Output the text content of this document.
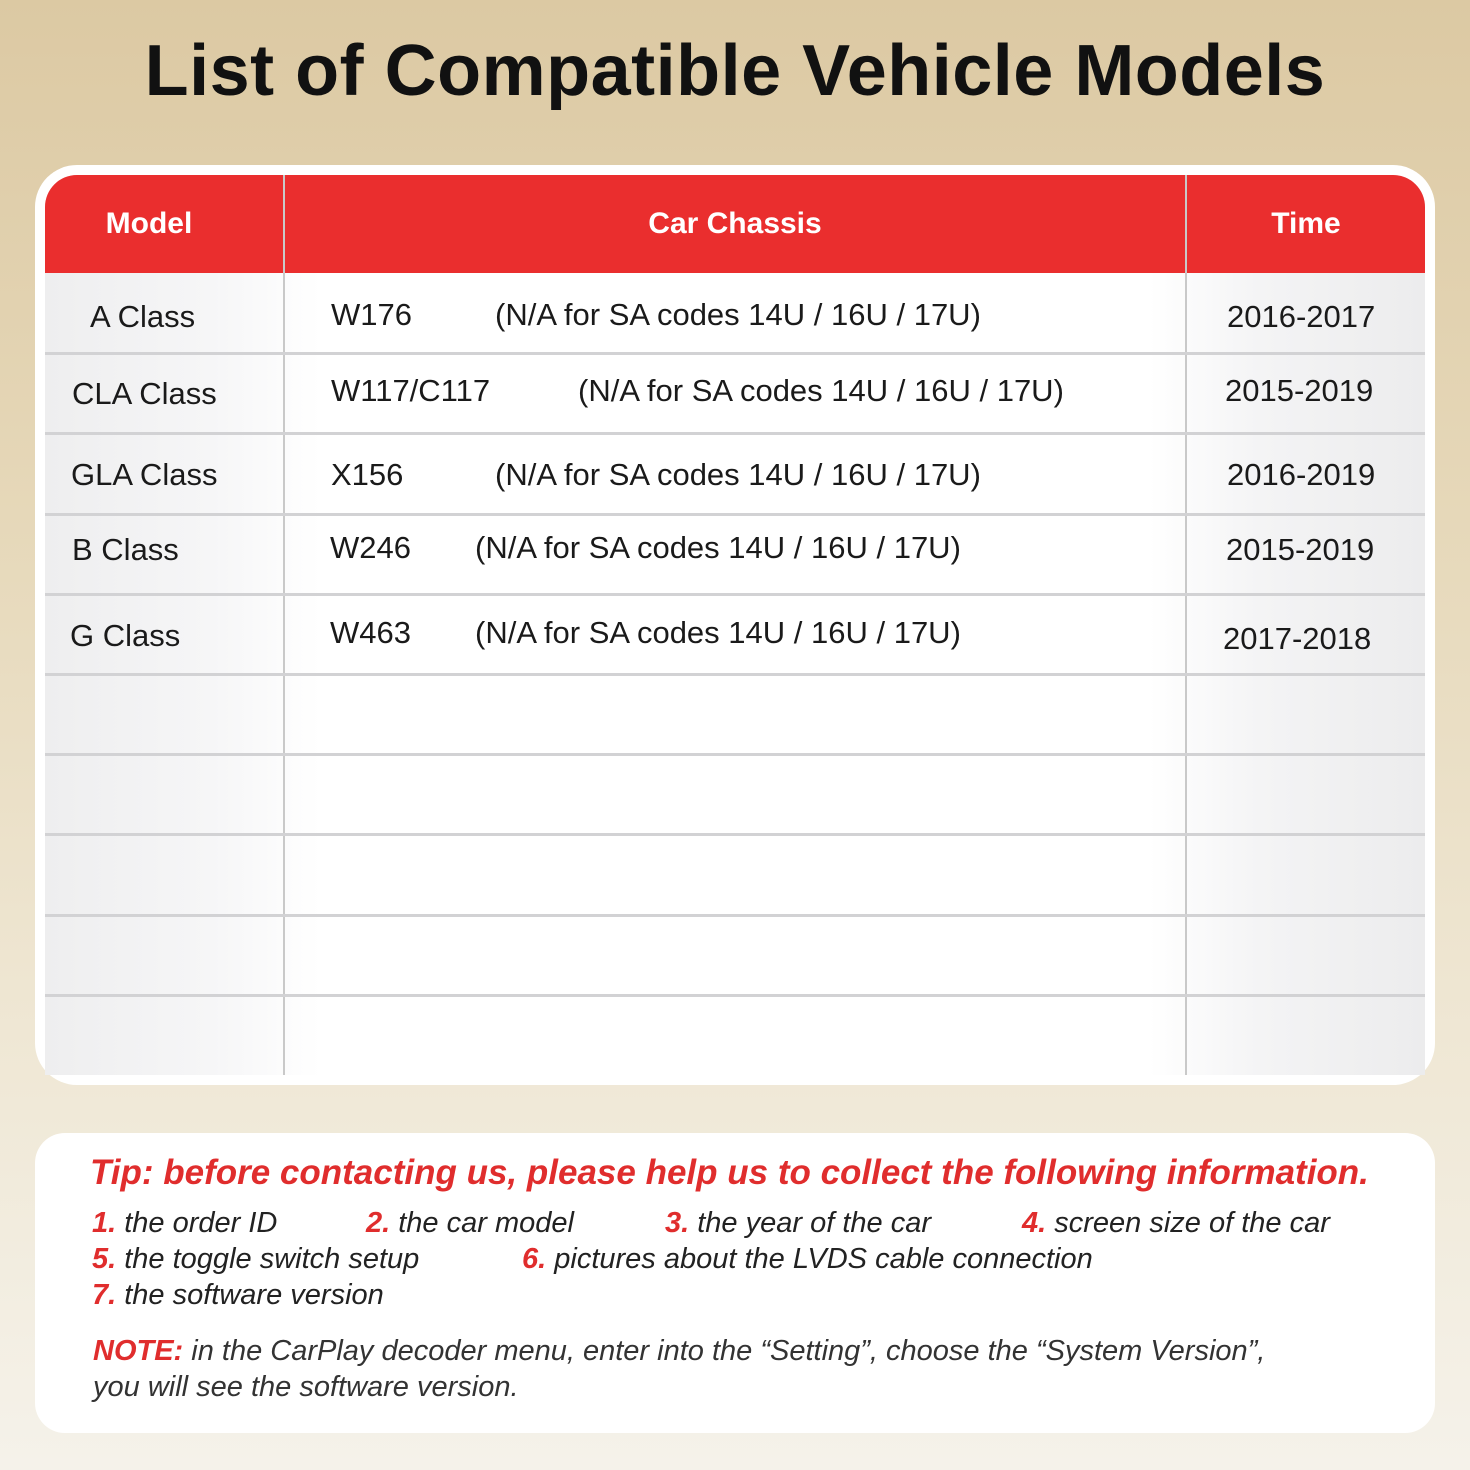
List of Compatible Vehicle Models
Model	Car Chassis	Time
A Class	W176	(N/A for SA codes 14U / 16U / 17U)	2016-2017
CLA Class	W117/C117	(N/A for SA codes 14U / 16U / 17U)	2015-2019
GLA Class	X156	(N/A for SA codes 14U / 16U / 17U)	2016-2019
B Class	W246 (N/A for SA codes 14U / 16U / 17U)	2015-2019
G Class	W463 (N/A for SA codes 14U / 16U / 17U)	2017-2018
Tip: before contacting us, please help us to collect the following information.
1. the order ID	2. the car model	3. the year of the car	4. screen size of the car
5. the toggle switch setup	6. pictures about the LVDS cable connection
7. the software version
NOTE: in the CarPlay decoder menu, enter into the “Setting”, choose the “System Version”,
you will see the software version.
